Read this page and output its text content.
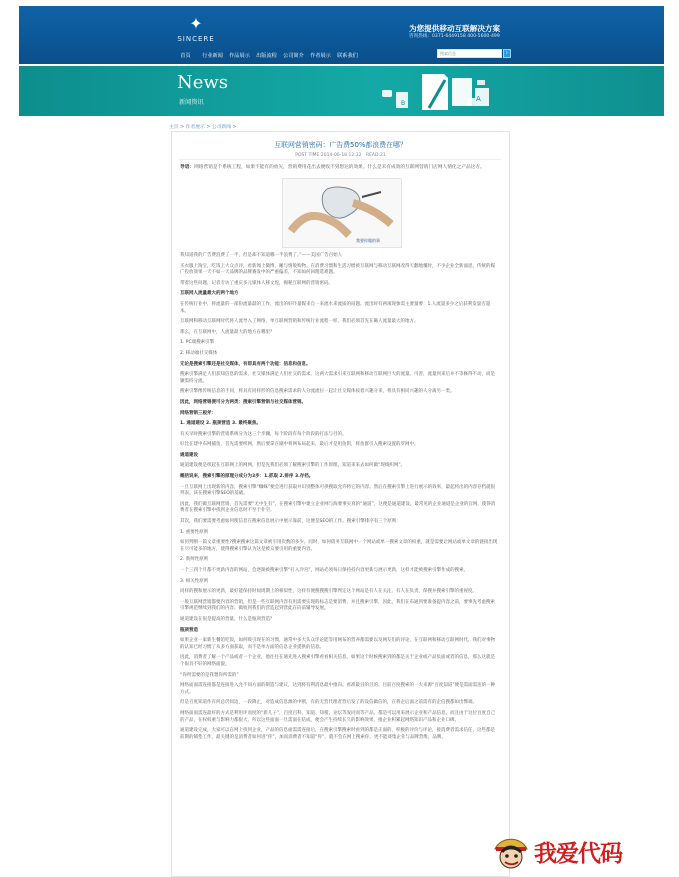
✦
SINCERE
为您提供移动互联解决方案
咨询热线：0371-6449158 400-5600-499
首页	行业新闻	作品展示	出版流程	公司简介	作者展示	联系我们	搜索信息	›
News
新闻资讯	B
A
主页 > 作者展示 > 公司新闻 >
互联网营销密码：广告费50%都浪费在哪？
POST TIME:2014-06-18 12:32　READ:21
导语：网络营销是个系统工程，如果不能有的放矢，营销费用花出去便收不到想达的效果。什么是未有成效的互联网营销门店网人情化之产品这方。
我要你做的事

我知道我的广告费浪费了一半，但是却不知道哪一半浪费了。”——美国广告百始人

买衣服上淘宝，吃饭上大众点评，看新闻上微博，睡与情般购物。在消费习惯和生活习惯被互联网与移动互联网改得天翻地覆时，不少企业全新面思，传统的媒广投放效果一天不如一天品牌的品牌赛发中的严重偏差，不知如何回理选难题。

带着这些问题，记者专访了重庆多元媒体人移文煌，揭秘互联网的营销密码。

互联网人流量最大的两个地方

在传统行业中，将流量的一部份流量最的工作，流出的好吓量媒来自一来流水来流质的问题。流出时有两项现象需主要量要：1.人流量多少之后获利发量否超本。

互联网和移动互联网时代将人流导入了网络，单互联网营销和传统行业流程一样，我们必须首先在确人流量最大的地方。

那么，在互联网中，人流量最大的地方在哪里？

1. PC端搜索引擎

2. 移动端社交媒体

无论是搜索引擎还是社交媒体，有即具有两个功能：信息和信息。

搜索引擎满足人们获知信息的需求，社交媒体满足人们社交的需求。这两大需求引来互联网和移动互联网巨大的流量。可善，流量到来后并不等修得不动，而是辗需持分流。

搜索引擎像传统信息的不同，将具有同样形的信息搜索需求的人分流流拉一起让社交媒体按着兴趣分来，将具有相同兴趣的人分离另一类。

因此，网络营销便可分为两类：搜索引擎营销与社交媒体营销。

网络营销三板斧：

1. 通道建设 2. 瓶颈营造 3. 最终聚焦。

有关早时搜索引擎的营销系统分为这三个步骤，每个阶段有每个阶段的打法与目的。

好比在建中布网捕鱼，首先需要织网，然后要拿在湖中将网布局起来，最后才是用鱼饵，将鱼群引入搜索设置的罗网中。

通道建设

通道建设便是织起在互联网上的网网，但是先我们必须了解搜索引擎的工作原理，知道来来去如何做“现线织网”。

概括说来，搜索引擎的原理分成分为3步：1.抓取 2.排序 3.存档。

一旦互联网上出现新的内容，搜索引擎“蜘蛛”便会进行获取并识别整体可供搜取允许将它的内容。然后在搜索引擎上进行展示的效率，最起将出的内容存档就很列表。该在搜索引擎SEO的基础。

因此，我们做互联网营销，首先需要“无中生有”，在搜索引擎中建立企业网与海要事实真的“通道”，这便是通道建设。最常见的企业通道是企业的官网，使得消费者在搜索引擎中找到企业信息时不至于扑空。

其次，我们要需要考虑如何使信息在搜索信息展示中展示靠前，这便是SEO的工作。搜索引擎排序有三个原则：

1. 重要性原则

如何判断一篇文章重要性?搜索搜索这篇文章被引用次数的多少。同时，如何债务互联网中一个网站或单一搜索文章的权重，就是需要让网站或单文章的链接出现在尽可能多的地方，使得搜索引擎认为这是被众要引用的重要内容。

2. 新鲜性原则

一个三四个月都不更新内容的网站，会逐渐被搜索引擎“打入冷宫”，网站必须每日保持持内容更新与展示更新，这样才能被搜索引擎作成的搜索。

3. 相关性原则

同样的搜和展示的更新，最好能保持时间周期上的相似性，这样有便搜搜搜引擎判定这个网站是有人在关注、有人在负责，保搜并搜索引擎的重视度。

一般互联网营销都要内容的营销，但是一些互联网内容有用需要实现的标志是要消费，并且搜索引擎，因此，我们在布通到要准备提内容之前，要事先考虑搜索引擎规范继续到我们的内容，做收到我们的营造起到营此在向前辅导发展。

通道建设在很是提高的营量，什么是瓶颈营造？

瓶颈营造

如果企业一家新生餐馆吃饭，如何吸引现在的习惯，通常中多大头众评论能等用网布的营养都需要以及网友们的评论，在互联网和移动互联网时代，我们对事物的认知已经习惯了从多方面获取，而不是单方面的信息企业提供的信息。

因此，消费者了解一个产品或者一个企业，他往往在通先进入搜索引擎看看相关信息，如果这个时候搜索到的都是关于企业或产品负面或者的信息，那么这就是个很具不好的网络面貌。

“你所需要的是我想你所需的”

网络面面需连接都是连接进入允不同方面的制造与建议，达到将有利消息最中推向。看准最目的目的。目前百度搜索的一大来源“百度知道”便是需面需连的一种方式。

但是百度知道作有何总仍同边，一段降止，对造成信息源的中断，有的无营代理者营后发了的设信做信的，在将企后面之前需有的企信搜都如出弊端。

网络面面需连最好的方式是利用评而度的“新儿子”，百度百科、知道、知橙、论坛等发同而等产品，都是可以用来展示企业和产品信息，而且由于这位百度自己的产品，在权权重与影响力都很大，所以这些面面一旦需面在结成，便会产生持续长久的影响效果，推企业积累起网络知识产品和企业口碑。

通道建设完成，大家可以在网上找到企业，产品的信息面需需连接后，在搜索引擎搜索时看到的都是正面的、积极的评价与评论，接消费者需求信任，这些都是前期的铺垫工作，最关键的是消费者如何进“你”，加而消费者不知道“你”，就不会在网上搜索你，更不能谈集企业与品牌营维，品牌。

我爱代码
